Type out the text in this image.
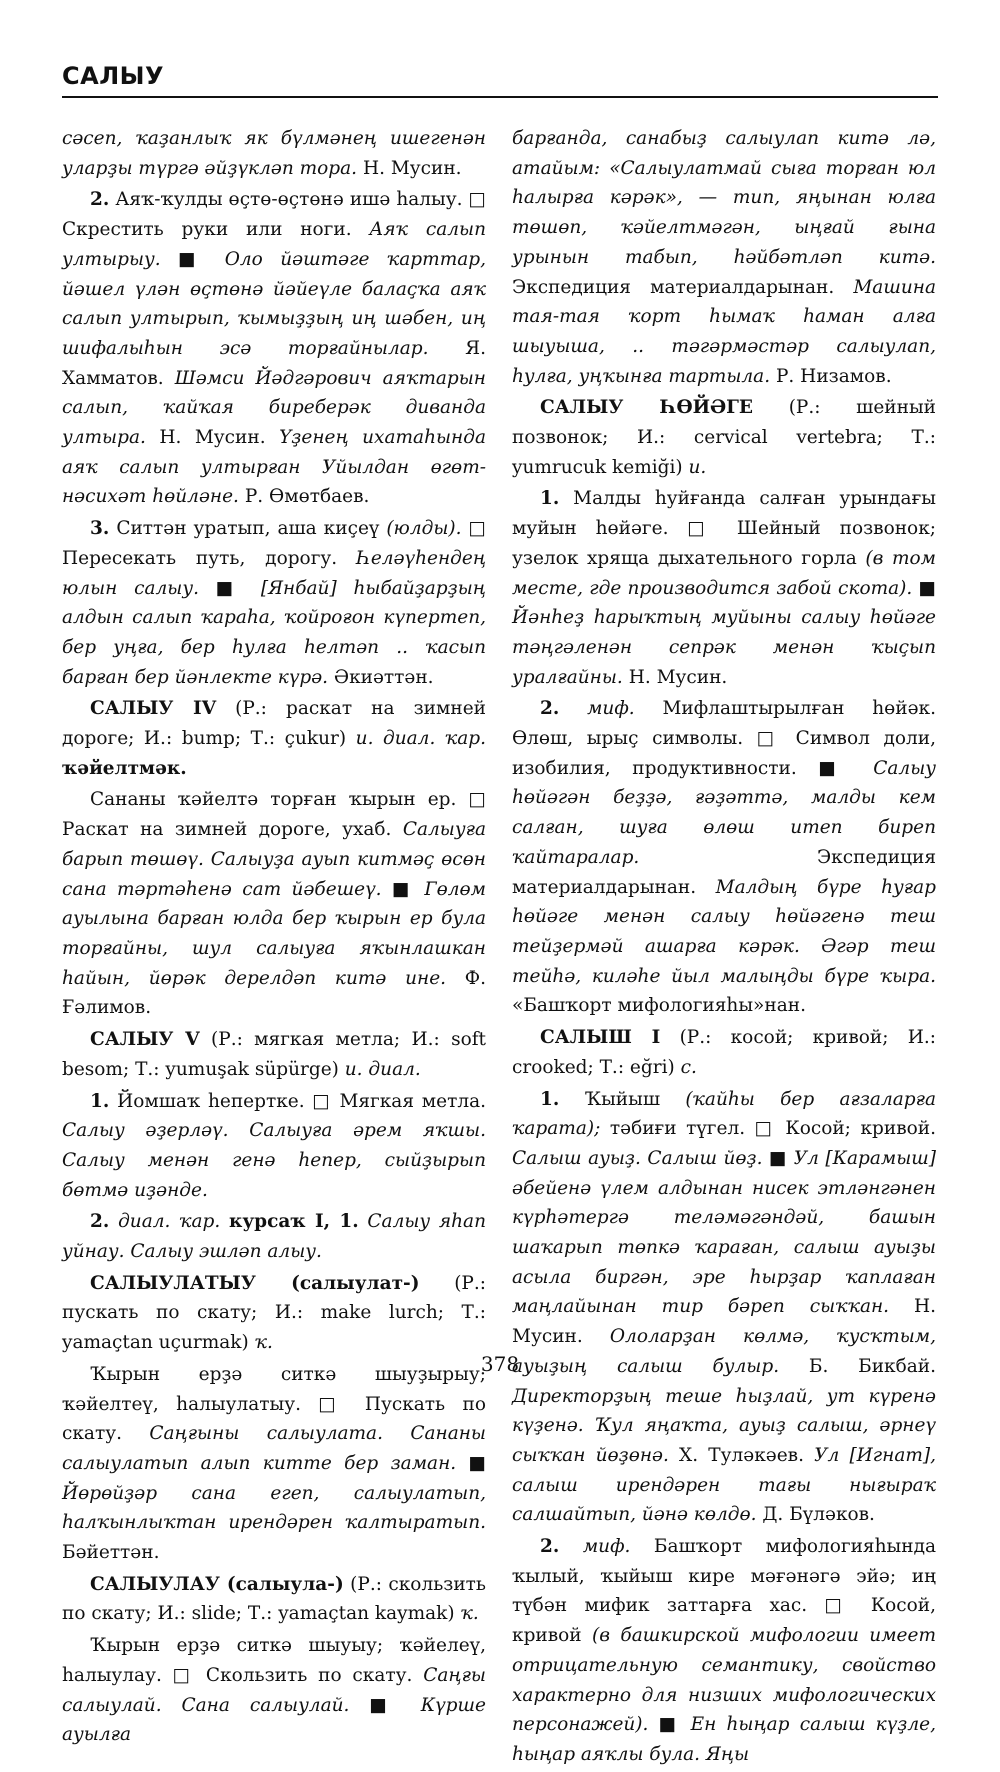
САЛЫУ

сәсеп, ҡаҙанлыҡ як бүлмәнең ишегенән уларҙы түргә әйҙүкләп тора. Н. Мусин.

2. Аяҡ-ҡулды өҫтө-өҫтөнә ишә һалыу. □ Скрестить руки или ноги. Аяҡ салып ултырыу. ■ Оло йәштәге ҡарттар, йәшел үлән өҫтөнә йәйеүле балаҫҡа аяҡ салып ултырып, ҡымыҙҙың иң шәбен, иң шифалыһын эсә торғайнылар. Я. Хамматов. Шәмси Йәдгәрович аяҡтарын салып, ҡайҡая биреберәк диванда ултыра. Н. Мусин. Үҙенең ихатаһында аяҡ салып ултырған Уйылдан өгөт-нәсихәт һөйләне. Р. Өмөтбаев.

3. Ситтән уратып, аша киҫеү (юлды). □ Пересекать путь, дорогу. Һеләүһендең юлын салыу. ■ [Янбай] һыбайҙарҙың алдын салып ҡараһа, ҡойроғон күпертеп, бер уңға, бер һулға һелтәп .. ҡасып барған бер йәнлекте күрә. Әкиәттән.

САЛЫУ IV (Р.: раскат на зимней дороге; И.: bump; Т.: çukur) и. диал. ҡар. ҡәйелтмәк.

Сананы ҡәйелтә торған ҡырын ер. □ Раскат на зимней дороге, ухаб. Салыуға барып төшөү. Салыуҙа ауып китмәҫ өсөн сана тәртәһенә сат йәбешеү. ■ Гөлөм ауылына барған юлда бер ҡырын ер була торғайны, шул салыуға яҡынлашкан һайын, йөрәк дерелдәп китә ине. Ф. Ғәлимов.

САЛЫУ V (Р.: мягкая метла; И.: soft besom; Т.: yumuşak süpürge) и. диал.

1. Йомшаҡ һепертке. □ Мягкая метла. Салыу әҙерләү. Салыуға әрем яҡшы. Салыу менән генә һепер, сыйҙырып бөтмә иҙәнде.

2. диал. ҡар. курсаҡ I, 1. Салыу яһап уйнау. Салыу эшләп алыу.

САЛЫУЛАТЫУ (салыулат-) (Р.: пускать по скату; И.: make lurch; Т.: yamaçtan uçurmak) ҡ.

Ҡырын ерҙә ситкә шыуҙырыу; ҡәйелтеү, һалыулатыу. □ Пускать по скату. Саңғыны салыулата. Сананы салыулатып алып китте бер заман. ■ Йөрөйҙәр сана егеп, салыулатып, һалҡынлыҡтан ирендәрен ҡалтыратып. Бәйеттән.

САЛЫУЛАУ (салыула-) (Р.: скользить по скату; И.: slide; Т.: yamaçtan kaymak) ҡ.

Ҡырын ерҙә ситкә шыуыу; ҡәйелеү, һалыулау. □ Скользить по скату. Саңғы салыулай. Сана салыулай. ■ Күрше ауылға

барғанда, санабыҙ салыулап китә лә, атайым: «Салыулатмай сыға торған юл һалырға кәрәк», — тип, яңынан юлға төшөп, ҡәйелтмәгән, ыңғай ғына урынын табып, һәйбәтләп китә. Экспедиция материалдарынан. Машина тая-тая ҡорт һымаҡ һаман алға шыуыша, .. тәгәрмәстәр салыулап, һулға, уңҡынға тартыла. Р. Низамов.

САЛЫУ ҺӨЙӘГЕ (Р.: шейный позвонок; И.: cervical vertebra; Т.: yumrucuk kemiği) и.

1. Малды һуйғанда салған урындағы муйын һөйәге. □ Шейный позвонок; узелок хряща дыхательного горла (в том месте, где производится забой скота). ■ Йәнһеҙ һарыҡтың муйыны салыу һөйәге тәңгәленән сепрәк менән ҡыҫып уралғайны. Н. Мусин.

2. миф. Мифлаштырылған һөйәк. Өлөш, ырыҫ символы. □ Символ доли, изобилия, продуктивности. ■ Салыу һөйәгән беҙҙә, ғәҙәттә, малды кем салған, шуға өлөш итеп биреп ҡайтаралар. Экспедиция материалдарынан. Малдың бүре һуғар һөйәге менән салыу һөйәгенә теш тейҙермәй ашарға кәрәк. Әгәр теш тейһә, киләһе йыл малыңды бүре ҡыра. «Башҡорт мифологияһы»нан.

САЛЫШ I (Р.: косой; кривой; И.: crooked; Т.: eğri) с.

1. Ҡыйыш (ҡайһы бер ағзаларға ҡарата); тәбиғи түгел. □ Косой; кривой. Салыш ауыҙ. Салыш йөҙ. ■ Ул [Карамыш] әбейенә үлем алдынан нисек этләнгәнен күрһәтергә теләмәгәндәй, башын шаҡарып төпкә ҡараған, салыш ауыҙы асыла биргән, эре һырҙар ҡаплаған маңлайынан тир бәреп сыҡҡан. Н. Мусин. Ололарҙан көлмә, ҡусҡтым, ауыҙың салыш булыр. Б. Бикбай. Директорҙың теше һыҙлай, ут күренә күҙенә. Ҡул яңаҡта, ауыҙ салыш, әрнеү сыҡҡан йөҙөнә. Х. Туләкәев. Ул [Игнат], салыш ирендәрен тағы нығыраҡ салшайтып, йәнә көлдө. Д. Бүләков.

2. миф. Башҡорт мифологияһында ҡылый, ҡыйыш кире мәғәнәгә эйә; иң түбән мифик заттарға хас. □ Косой, кривой (в башкирской мифологии имеет отрицательную семантику, свойство характерно для низших мифологических персонажей). ■ Ен һыңар салыш күҙле, һыңар аяҡлы була. Яңы

378
